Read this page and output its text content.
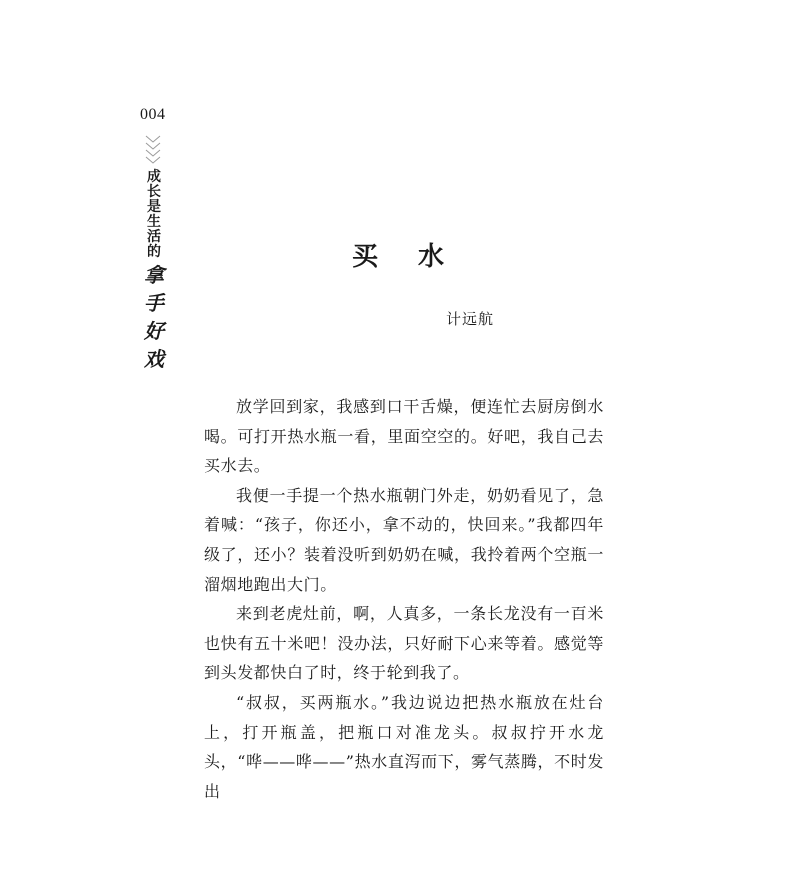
004
成
长
是
生
活
的
拿
手
好
戏
买水
计远航

放学回到家，我感到口干舌燥，便连忙去厨房倒水喝。可打开热水瓶一看，里面空空的。好吧，我自己去买水去。

我便一手提一个热水瓶朝门外走，奶奶看见了，急着喊：“孩子，你还小，拿不动的，快回来。”我都四年级了，还小？装着没听到奶奶在喊，我拎着两个空瓶一溜烟地跑出大门。

来到老虎灶前，啊，人真多，一条长龙没有一百米也快有五十米吧！没办法，只好耐下心来等着。感觉等到头发都快白了时，终于轮到我了。

“叔叔，买两瓶水。”我边说边把热水瓶放在灶台上，打开瓶盖，把瓶口对准龙头。叔叔拧开水龙头，“哗——哗——”热水直泻而下，雾气蒸腾，不时发出
